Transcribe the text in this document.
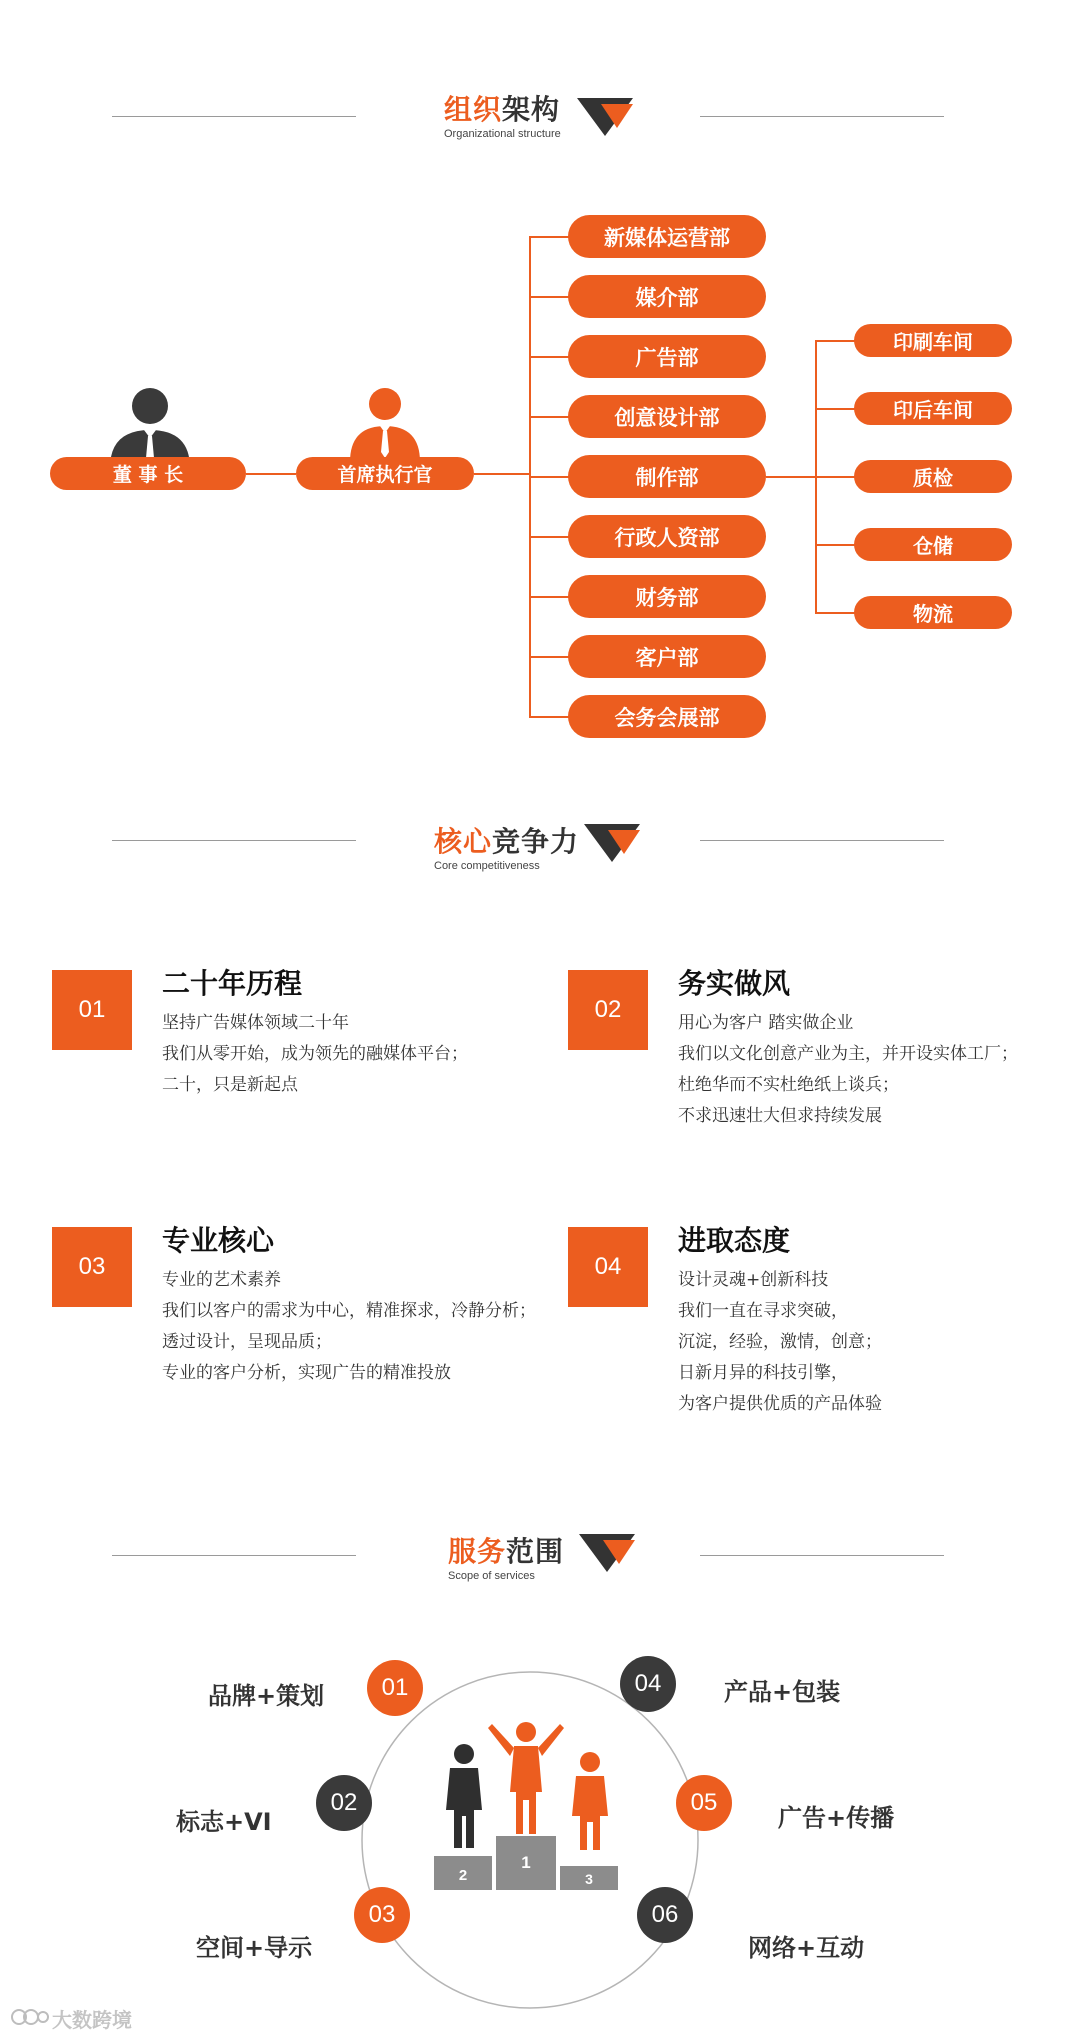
组织架构
Organizational structure
董 事 长	首席执行官
新媒体运营部
媒介部
广告部
创意设计部
制作部
行政人资部
财务部
客户部
会务会展部
印刷车间
印后车间
质检
仓储
物流
核心竞争力
Core competitiveness
01
二十年历程
坚持广告媒体领域二十年
我们从零开始，成为领先的融媒体平台；
二十，只是新起点
02
务实做风
用心为客户 踏实做企业
我们以文化创意产业为主，并开设实体工厂；
杜绝华而不实杜绝纸上谈兵；
不求迅速壮大但求持续发展
03
专业核心
专业的艺术素养
我们以客户的需求为中心，精准探求，冷静分析；
透过设计，呈现品质；
专业的客户分析，实现广告的精准投放
04
进取态度
设计灵魂+创新科技
我们一直在寻求突破，
沉淀，经验，激情，创意；
日新月异的科技引擎，
为客户提供优质的产品体验
服务范围
Scope of services
2
1
3
01
02
03
04
05
06
品牌+策划
标志+VI
空间+导示
产品+包装
广告+传播
网络+互动
大数跨境
